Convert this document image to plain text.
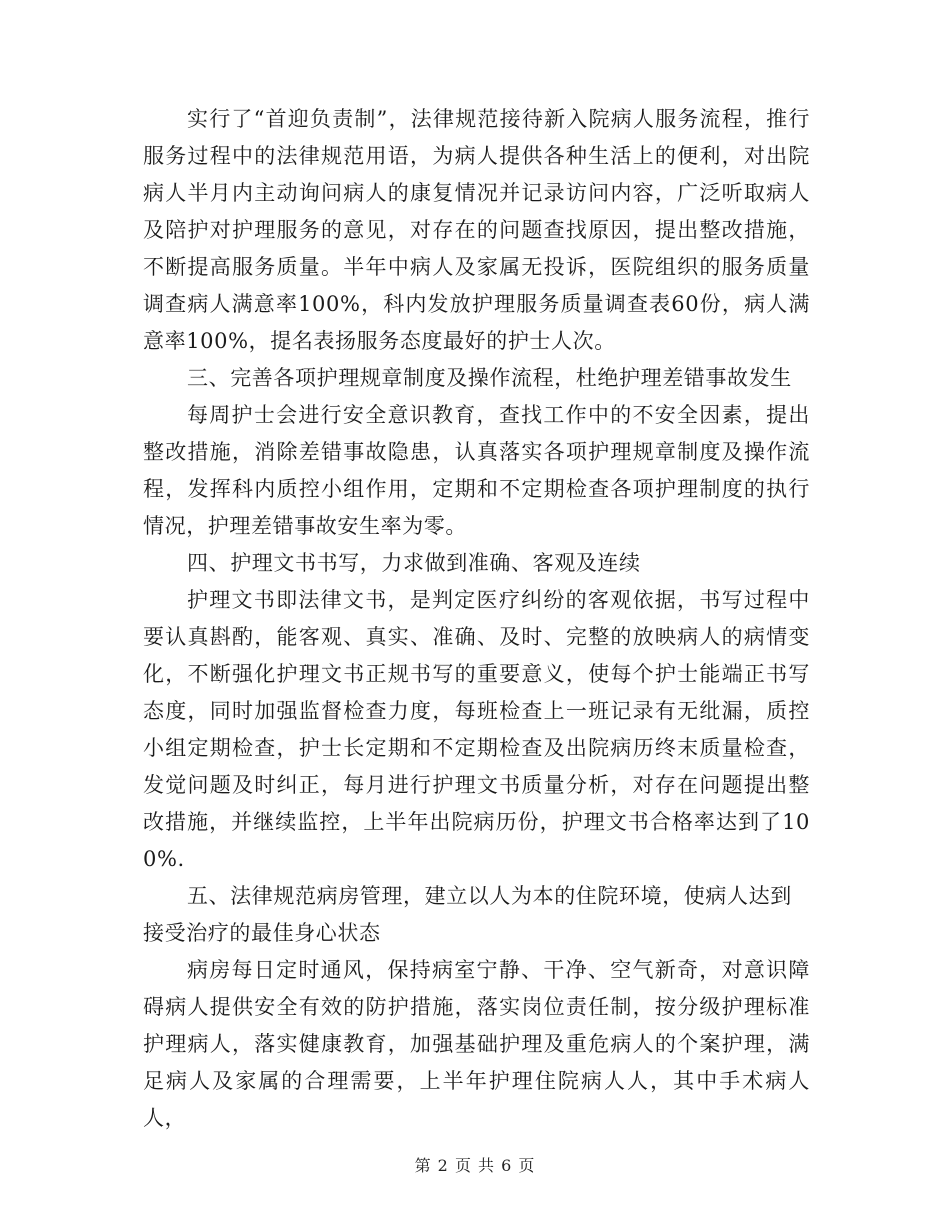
实行了“首迎负责制”，法律规范接待新入院病人服务流程，推行服务过程中的法律规范用语，为病人提供各种生活上的便利，对出院病人半月内主动询问病人的康复情况并记录访问内容，广泛听取病人及陪护对护理服务的意见，对存在的问题查找原因，提出整改措施，不断提高服务质量。半年中病人及家属无投诉，医院组织的服务质量调查病人满意率100%，科内发放护理服务质量调查表60份，病人满意率100%，提名表扬服务态度最好的护士人次。

三、完善各项护理规章制度及操作流程，杜绝护理差错事故发生

每周护士会进行安全意识教育，查找工作中的不安全因素，提出整改措施，消除差错事故隐患，认真落实各项护理规章制度及操作流程，发挥科内质控小组作用，定期和不定期检查各项护理制度的执行情况，护理差错事故安生率为零。

四、护理文书书写，力求做到准确、客观及连续

护理文书即法律文书，是判定医疗纠纷的客观依据，书写过程中要认真斟酌，能客观、真实、准确、及时、完整的放映病人的病情变化，不断强化护理文书正规书写的重要意义，使每个护士能端正书写态度，同时加强监督检查力度，每班检查上一班记录有无纰漏，质控小组定期检查，护士长定期和不定期检查及出院病历终末质量检查，发觉问题及时纠正，每月进行护理文书质量分析，对存在问题提出整改措施，并继续监控，上半年出院病历份，护理文书合格率达到了100%.

五、法律规范病房管理，建立以人为本的住院环境，使病人达到接受治疗的最佳身心状态

病房每日定时通风，保持病室宁静、干净、空气新奇，对意识障碍病人提供安全有效的防护措施，落实岗位责任制，按分级护理标准护理病人，落实健康教育，加强基础护理及重危病人的个案护理，满足病人及家属的合理需要，上半年护理住院病人人，其中手术病人人，

第 2 页 共 6 页
